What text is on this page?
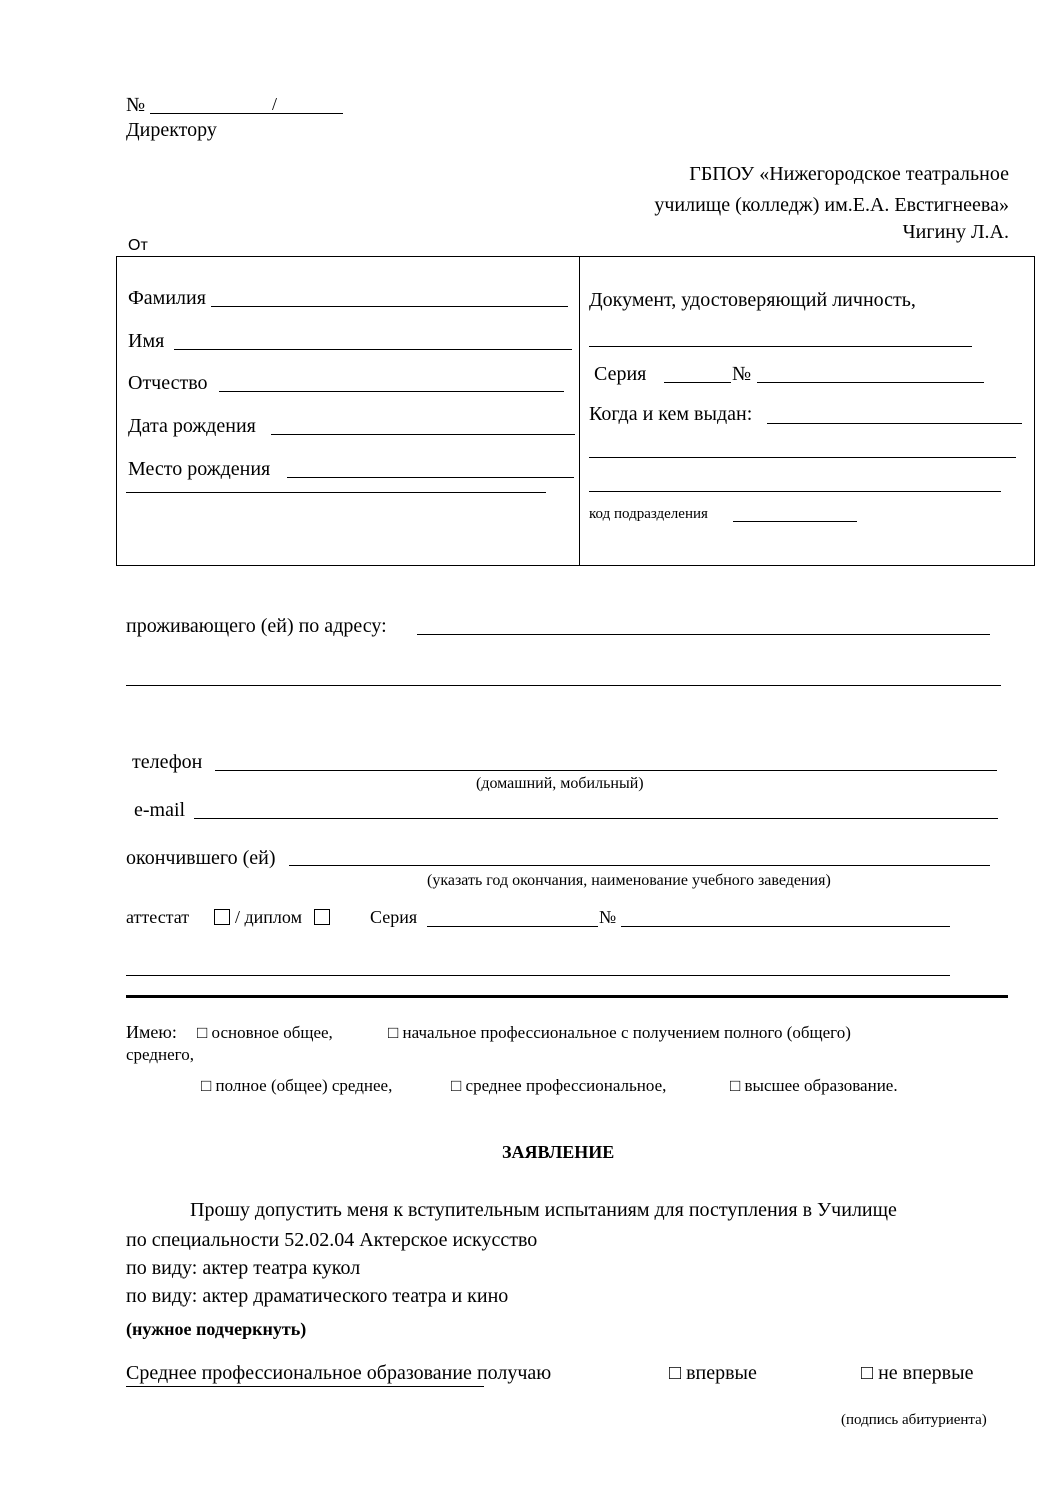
№	/
Директору
ГБПОУ «Нижегородское театральное
училище (колледж) им.Е.А. Евстигнеева»
Чигину Л.А.
От
Фамилия
Имя
Отчество
Дата рождения
Место рождения
Документ, удостоверяющий личность,
Серия	№
Когда и кем выдан:
код подразделения
проживающего (ей) по адресу:
телефон
(домашний, мобильный)
e-mail
окончившего (ей)
(указать год окончания, наименование учебного заведения)
аттестат	/ диплом	Серия	№
Имею: □ основное общее,	□ начальное профессиональное с получением полного (общего)
среднего,
□ полное (общее) среднее,	□ среднее профессиональное,	□ высшее образование.
ЗАЯВЛЕНИЕ
Прошу допустить меня к вступительным испытаниям для поступления в Училище
по специальности 52.02.04 Актерское искусство
по виду: актер театра кукол
по виду: актер драматического театра и кино
(нужное подчеркнуть)
Среднее профессиональное образование получаю	□ впервые	□ не впервые
(подпись абитуриента)
